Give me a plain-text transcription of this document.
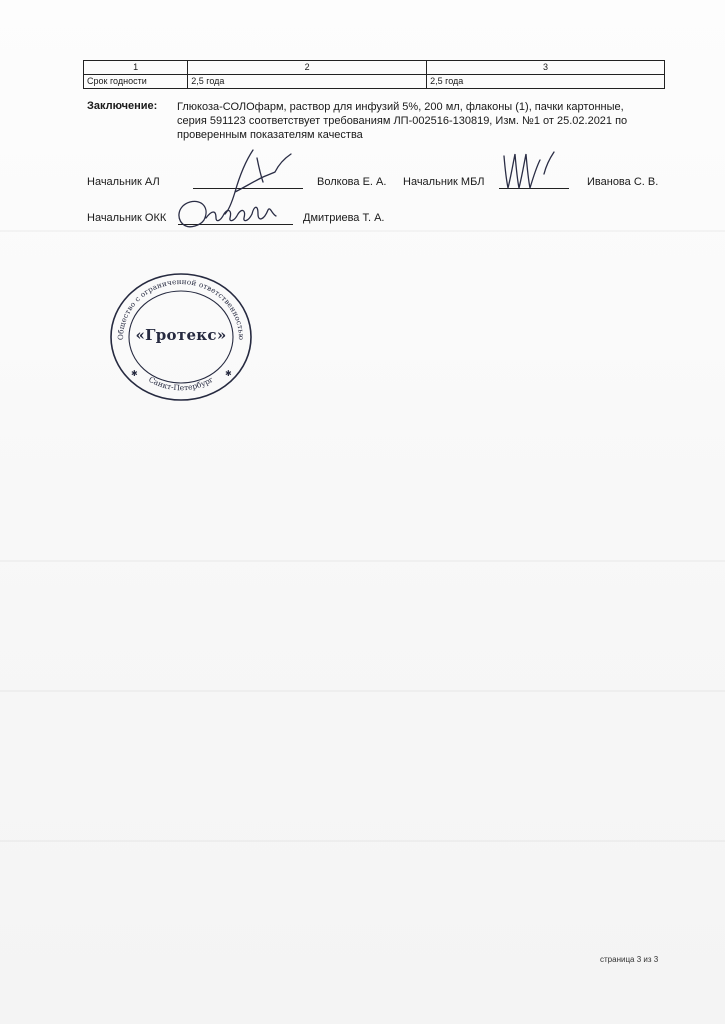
1	2	3
Срок годности	2,5 года	2,5 года
Заключение: Глюкоза-СОЛОфарм, раствор для инфузий 5%, 200 мл, флаконы (1), пачки картонные,
серия 591123 соответствует требованиям ЛП-002516-130819, Изм. №1 от 25.02.2021 по
проверенным показателям качества
Начальник АЛ	Волкова Е. А. Начальник МБЛ	Иванова С. В.
Начальник ОКК	Дмитриева Т. А.
Общество с ограниченной ответственностью
Санкт-Петербург
✱	✱
«Гротекс»
страница 3 из 3
